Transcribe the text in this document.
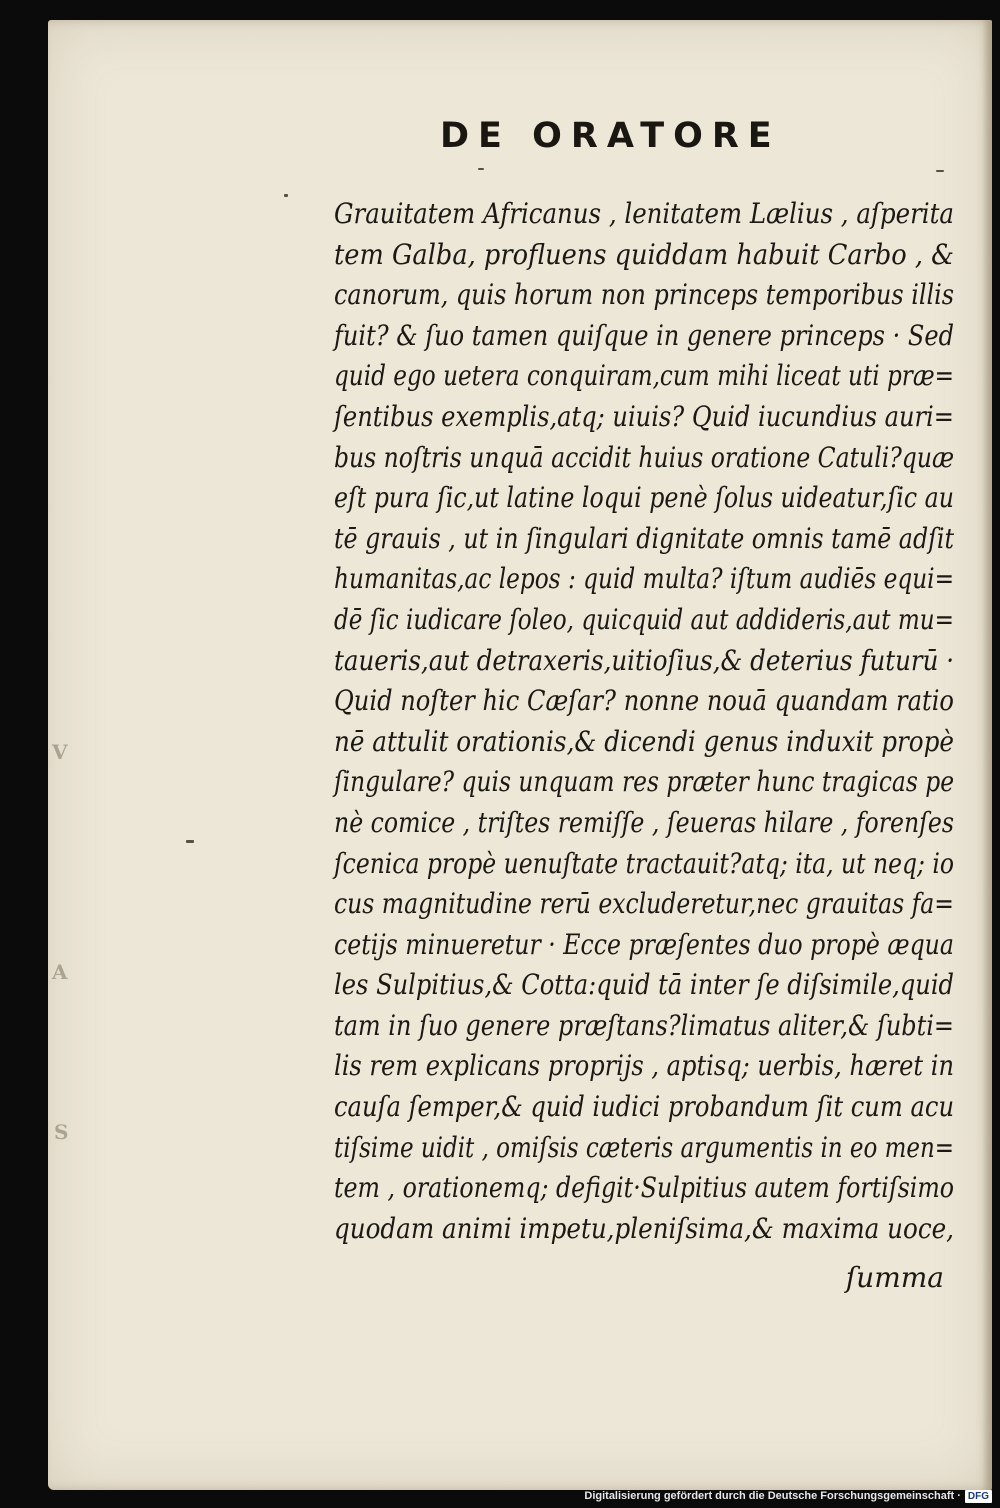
DE ORATORE
Grauitatem Africanus , lenitatem Lælius , aſperita
tem Galba, profluens quiddam habuit Carbo , &
canorum, quis horum non princeps temporibus illis
fuit? & ſuo tamen quiſque in genere princeps · Sed
quid ego uetera conquiram,cum mihi liceat uti præ=
ſentibus exemplis,atq; uiuis? Quid iucundius auri=
bus noſtris unquā accidit huius oratione Catuli?quæ
eſt pura ſic,ut latine loqui penè ſolus uideatur,ſic au
tē grauis , ut in ſingulari dignitate omnis tamē adſit
humanitas,ac lepos : quid multa? iſtum audiēs equi=
dē ſic iudicare ſoleo, quicquid aut addideris,aut mu=
taueris,aut detraxeris,uitioſius,& deterius futurū ·
Quid noſter hic Cæſar? nonne nouā quandam ratio
nē attulit orationis,& dicendi genus induxit propè
ſingulare? quis unquam res præter hunc tragicas pe
nè comice , triſtes remiſſe , ſeueras hilare , forenſes
ſcenica propè uenuſtate tractauit?atq; ita, ut neq; io
cus magnitudine rerū excluderetur,nec grauitas fa=
cetijs minueretur · Ecce præſentes duo propè æqua
les Sulpitius,& Cotta:quid tā inter ſe diſsimile,quid
tam in ſuo genere præſtans?limatus aliter,& ſubti=
lis rem explicans proprijs , aptisq; uerbis, hæret in
cauſa ſemper,& quid iudici probandum ſit cum acu
tiſsime uidit , omiſsis cæteris argumentis in eo men=
tem , orationemq; defigit·Sulpitius autem fortiſsimo
quodam animi impetu,pleniſsima,& maxima uoce,
ſumma
V
A
S
Digitalisierung gefördert durch die Deutsche Forschungsgemeinschaft · DFG
